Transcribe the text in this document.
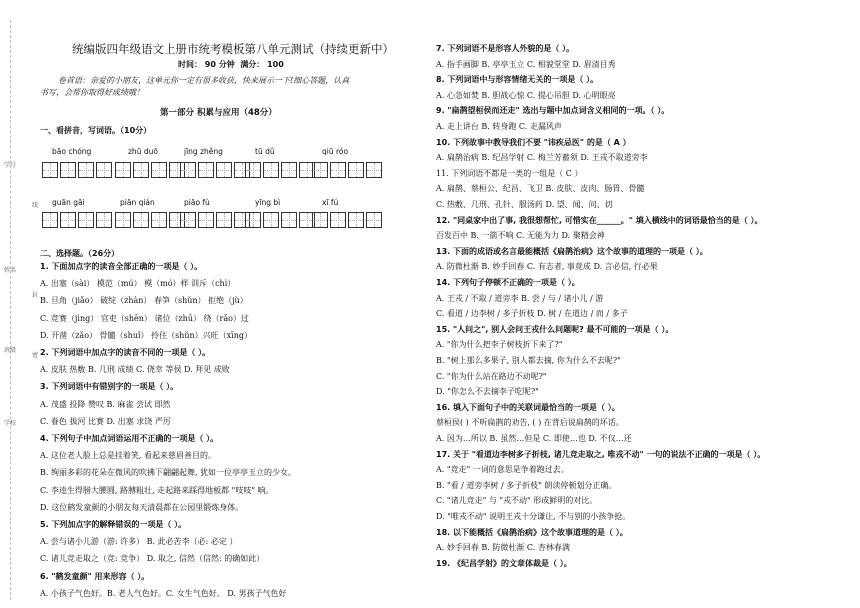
学号
姓名
班级
学校
线
封
密
统编版四年级语文上册市统考模板第八单元测试（持续更新中）
时间： 90 分钟 满分： 100
卷首语：亲爱的小朋友，这单元你一定有很多收获，快来展示一下!细心答题，认真
书写，会帮你取得好成绩哦！
第一部分 积累与应用（48分）
一、看拼音，写词语。（10分）
bāo chóng	zhū duō	jīng zhěng	tū dǔ	qiū róo
guān gāi	piān qián	piāo fù	yīng bì	xī fú
二、选择题。（26分）
1. 下面加点字的读音全部正确的一项是（ ）。
A. 出塞（sài） 模范（mú） 模（mó）样 训斥（chì）
B. 旦角（jiǎo） 破绽（zhàn） 春笋（shǔn） 拒绝（jù）
C. 竞赛（jìng） 官吏（shēn） 诸位（zhū） 绕（rǎo）过
D. 开凿（zǎo） 骨髓（shuǐ） 拎住（shǔn）兴旺（xīng）
2. 下列词语中加点字的读音不同的一项是（ ）。
A. 皮肤 热敷 B. 几刑 成绩 C. 侥幸 等侯 D. 拜见 成败
3. 下列词语中有错别字的一项是（ ）。
A. 茂盛 投降 赞叹 B. 麻雀 尝试 即然
C. 眷色 拔河 比赛 D. 出塞 求饶 严厉
4. 下列句子中加点词语运用不正确的一项是（ ）。
A. 这位老人脸上总是挂着笑, 看起来慈眉善目的。
B. 绚丽多彩的花朵在微风的吹拂下翩翩起舞, 犹如一位亭亭玉立的少女。
C. 李逵生得膀大腰圆, 路膊粗壮, 走起路来踩得地板都 "吱吱" 响。
D. 这位鹤发童颜的小朋友每天清晨都在公园里锻炼身体。
5. 下列加点字的解释错误的一项是（ ）。
A. 尝与诸小儿游（游: 许多） B. 此必苦李（必: 必定 ）
C. 诸儿竞走取之（竞: 竞争） D. 取之, 信然（信然: 的确如此）
6. "鹤发童颜" 用来形容（ ）。
A. 小孩子气色好。B. 老人气色好。C. 女生气色好。 D. 男孩子气色好
7. 下列词语不是形容人外貌的是（ ）。
A. 指手画脚 B. 亭亭玉立 C. 相貌堂堂 D. 眉清目秀
8. 下列词语中与形容情绪无关的一项是（ ）。
A. 心急如焚 B. 胆战心惊 C. 提心吊胆 D. 心明眼亮
9. "扁鹊望桓侯而还走" 选出与题中加点词含义相同的一项。（ ）。
A. 走上讲台 B. 转身跑 C. 走漏风声
10. 下列故事中教导我们不要 "讳疾忌医" 的是（ A ）
A. 扁鹊治病 B. 纪昌学射 C. 梅兰芳蓄须 D. 王戎不取道旁李
11. 下列词语不都是一类的一组是（ C ）
A. 扁鹊、蔡桓公、纪昌、飞卫 B. 皮肤、皮肉、肠胃、骨髓
C. 热敷、几刑、孔针、服汤药 D. 望、闻、问、切
12. "同桌家中出了事, 我很想帮忙, 可惜实在______。" 填入横线中的词语最恰当的是（ ）。
百发百中 B. 一箭不响 C. 无能为力 D. 聚精会神
13. 下面的成语或名言最能概括《扁鹊治病》这个故事的道理的一项是（ ）。
A. 防微杜渐 B. 妙手回春 C. 有志者, 事竟成 D. 言必信, 行必果
14. 下列句子停顿不正确的一项是（ ）。
A. 王戎 / 不取 / 道旁李 B. 尝 / 与 / 诸小儿 / 游
C. 看道 / 边李树 / 多子折枝 D. 树 / 在道边 / 而 / 多子
15. "人问之", 别人会问王戎什么问题呢? 最不可能的一项是（ ）。
A. "你为什么把李子树枝折下来了?"
B. "树上那么多果子, 别人都去摘, 你为什么不去呢?"
C. "你为什么站在路边不动呢?"
D. "你怎么不去摘李子吃呢?"
16. 填入下面句子中的关联词最恰当的一项是（ ）。
蔡桓侯( ) 不听扁鹊的劝告, ( ) 在背后说扁鹊的坏话。
A. 因为…所以 B. 虽然…但是 C. 即使…也 D. 不仅…还
17. 关于 "看道边李树多子折枝, 诸儿竞走取之, 唯戎不动" 一句的说法不正确的一项是（ ）。
A. "竞走" 一词的意思是争着跑过去。
B. "看 / 道旁李树 / 多子折枝" 朗读停顿划分正确。
C. "诸儿竞走" 与 "戎不动" 形成鲜明的对比。
D. "唯戎不动" 说明王戎十分谦让, 不与别的小孩争抢。
18. 以下能概括《扁鹊治病》这个故事道理的是（ ）。
A. 妙手回春 B. 防微杜渐 C. 杏林春满
19. 《纪昌学射》的文章体裁是（ ）。
